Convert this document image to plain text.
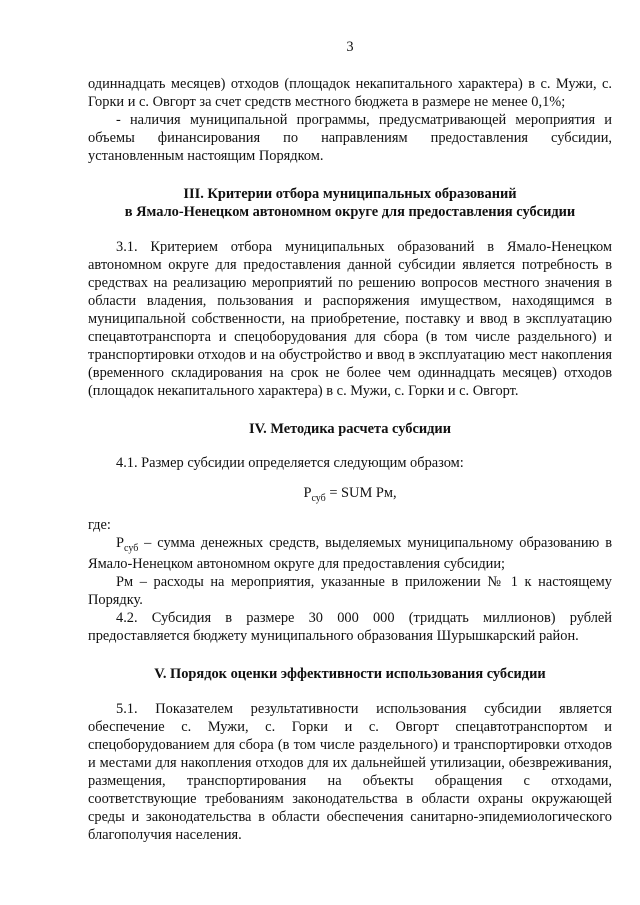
3

одиннадцать месяцев) отходов (площадок некапитального характера) в с. Мужи, с. Горки и с. Овгорт за счет средств местного бюджета в размере не менее 0,1%;

- наличия муниципальной программы, предусматривающей мероприятия и объемы финансирования по направлениям предоставления субсидии, установленным настоящим Порядком.

III. Критерии отбора муниципальных образований

в Ямало-Ненецком автономном округе для предоставления субсидии

3.1. Критерием отбора муниципальных образований в Ямало-Ненецком автономном округе для предоставления данной субсидии является потребность в средствах на реализацию мероприятий по решению вопросов местного значения в области владения, пользования и распоряжения имуществом, находящимся в муниципальной собственности, на приобретение, поставку и ввод в эксплуатацию спецавтотранспорта и спецоборудования для сбора (в том числе раздельного) и транспортировки отходов и на обустройство и ввод в эксплуатацию мест накопления (временного складирования на срок не более чем одиннадцать месяцев) отходов (площадок некапитального характера) в с. Мужи, с. Горки и с. Овгорт.

IV. Методика расчета субсидии

4.1. Размер субсидии определяется следующим образом:

$P_{суб}$ = SUM Pм,

где:

$P_{суб}$ – сумма денежных средств, выделяемых муниципальному образованию в Ямало-Ненецком автономном округе для предоставления субсидии;

Pм – расходы на мероприятия, указанные в приложении № 1 к настоящему Порядку.

4.2. Субсидия в размере 30 000 000 (тридцать миллионов) рублей предоставляется бюджету муниципального образования Шурышкарский район.

V. Порядок оценки эффективности использования субсидии

5.1. Показателем результативности использования субсидии является обеспечение с. Мужи, с. Горки и с. Овгорт спецавтотранспортом и спецоборудованием для сбора (в том числе раздельного) и транспортировки отходов и местами для накопления отходов для их дальнейшей утилизации, обезвреживания, размещения, транспортирования на объекты обращения с отходами, соответствующие требованиям законодательства в области охраны окружающей среды и законодательства в области обеспечения санитарно-эпидемиологического благополучия населения.
